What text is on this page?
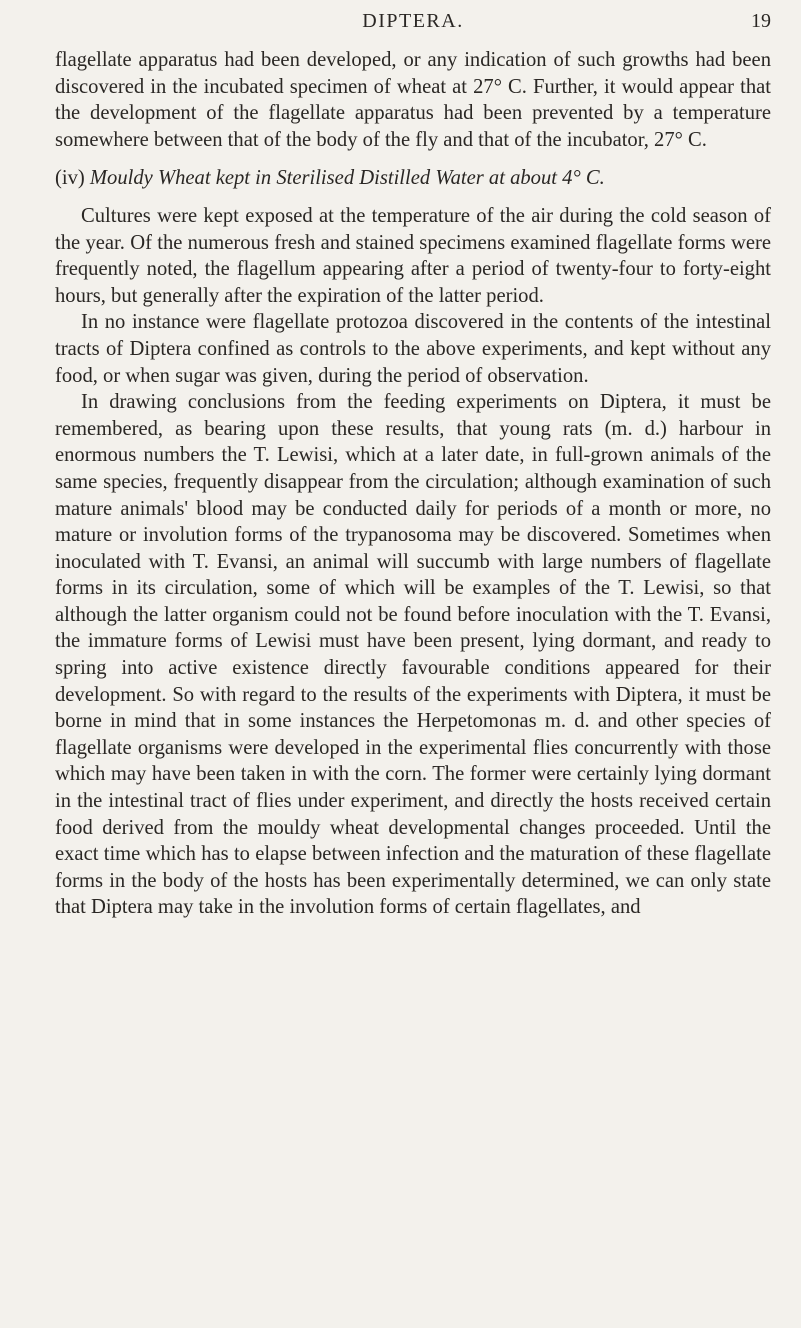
DIPTERA.	19

flagellate apparatus had been developed, or any indication of such growths had been discovered in the incubated specimen of wheat at 27° C. Further, it would appear that the development of the flagellate apparatus had been prevented by a temperature somewhere between that of the body of the fly and that of the incubator, 27° C.

(iv) Mouldy Wheat kept in Sterilised Distilled Water at about 4° C.

Cultures were kept exposed at the temperature of the air during the cold season of the year. Of the numerous fresh and stained specimens examined flagellate forms were frequently noted, the flagellum appearing after a period of twenty-four to forty-eight hours, but generally after the expiration of the latter period.

In no instance were flagellate protozoa discovered in the contents of the intestinal tracts of Diptera confined as controls to the above experiments, and kept without any food, or when sugar was given, during the period of observation.

In drawing conclusions from the feeding experiments on Diptera, it must be remembered, as bearing upon these results, that young rats (m. d.) harbour in enormous numbers the T. Lewisi, which at a later date, in full-grown animals of the same species, frequently disappear from the circulation; although examination of such mature animals' blood may be conducted daily for periods of a month or more, no mature or involution forms of the trypanosoma may be discovered. Sometimes when inoculated with T. Evansi, an animal will succumb with large numbers of flagellate forms in its circulation, some of which will be examples of the T. Lewisi, so that although the latter organism could not be found before inoculation with the T. Evansi, the immature forms of Lewisi must have been present, lying dormant, and ready to spring into active existence directly favourable conditions appeared for their development. So with regard to the results of the experiments with Diptera, it must be borne in mind that in some instances the Herpetomonas m. d. and other species of flagellate organisms were developed in the experimental flies concurrently with those which may have been taken in with the corn. The former were certainly lying dormant in the intestinal tract of flies under experiment, and directly the hosts received certain food derived from the mouldy wheat developmental changes proceeded. Until the exact time which has to elapse between infection and the maturation of these flagellate forms in the body of the hosts has been experimentally determined, we can only state that Diptera may take in the involution forms of certain flagellates, and
